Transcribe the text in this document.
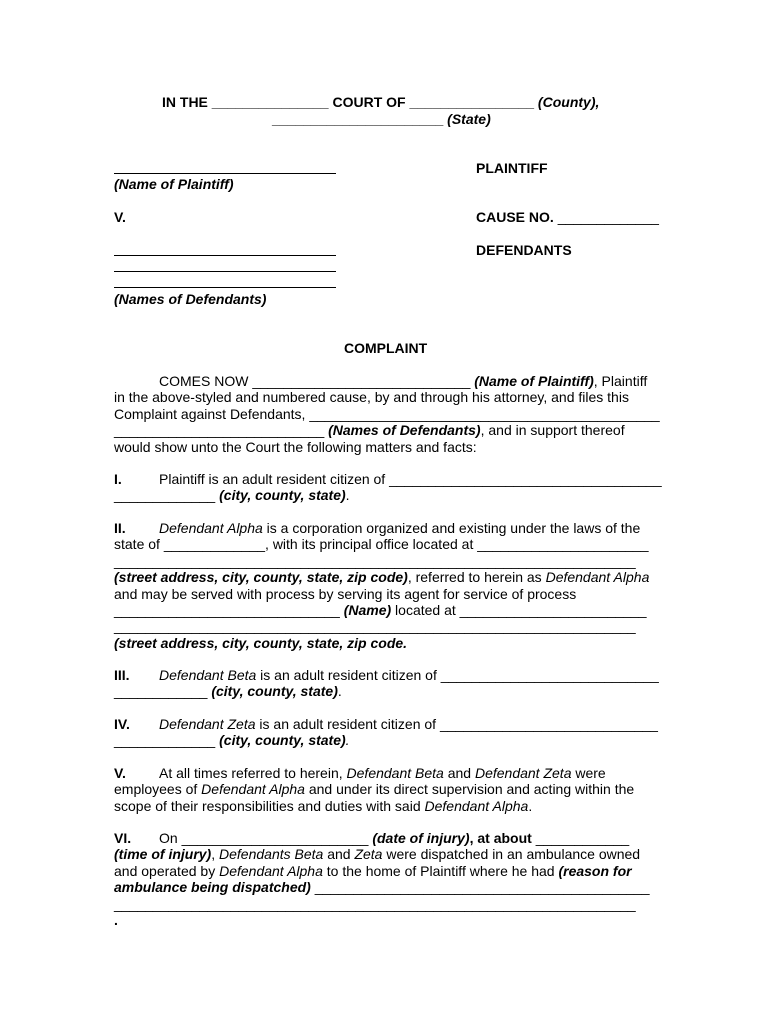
IN THE _______________ COURT OF ________________ (County),
______________________ (State)
PLAINTIFF
(Name of Plaintiff)
V.	CAUSE NO. _____________
DEFENDANTS
(Names of Defendants)
COMPLAINT
COMES NOW ____________________________ (Name of Plaintiff), Plaintiff
in the above-styled and numbered cause, by and through his attorney, and files this
Complaint against Defendants, _____________________________________________
___________________________ (Names of Defendants), and in support thereof
would show unto the Court the following matters and facts:
I.	Plaintiff is an adult resident citizen of ___________________________________
_____________ (city, county, state).
II. Defendant Alpha is a corporation organized and existing under the laws of the
state of _____________, with its principal office located at ______________________
___________________________________________________________________
(street address, city, county, state, zip code), referred to herein as Defendant Alpha
and may be served with process by serving its agent for service of process
_____________________________ (Name) located at ________________________
___________________________________________________________________
(street address, city, county, state, zip code.
III. Defendant Beta is an adult resident citizen of ____________________________
____________ (city, county, state).
IV. Defendant Zeta is an adult resident citizen of ____________________________
_____________ (city, county, state).
V. At all times referred to herein, Defendant Beta and Defendant Zeta were
employees of Defendant Alpha and under its direct supervision and acting within the
scope of their responsibilities and duties with said Defendant Alpha.
VI. On ________________________ (date of injury), at about ____________
(time of injury), Defendants Beta and Zeta were dispatched in an ambulance owned
and operated by Defendant Alpha to the home of Plaintiff where he had (reason for
ambulance being dispatched) ___________________________________________
___________________________________________________________________
.
